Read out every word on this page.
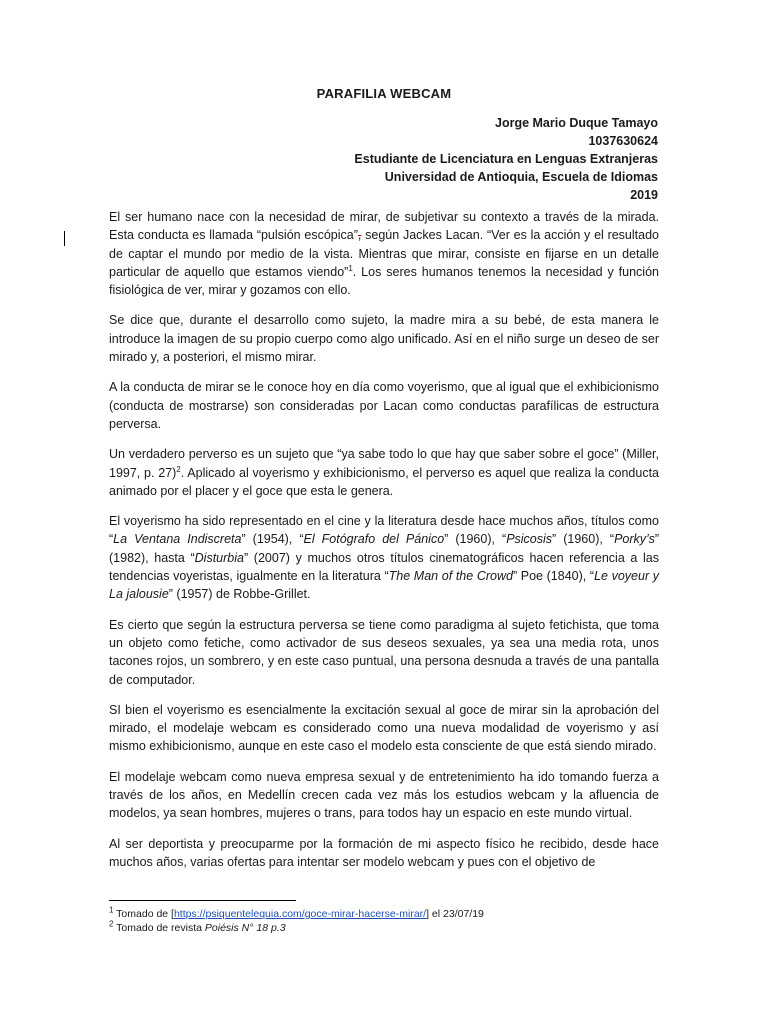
PARAFILIA WEBCAM
Jorge Mario Duque Tamayo
1037630624
Estudiante de Licenciatura en Lenguas Extranjeras
Universidad de Antioquia, Escuela de Idiomas
2019

El ser humano nace con la necesidad de mirar, de subjetivar su contexto a través de la mirada. Esta conducta es llamada “pulsión escópica”, según Jackes Lacan. “Ver es la acción y el resultado de captar el mundo por medio de la vista. Mientras que mirar, consiste en fijarse en un detalle particular de aquello que estamos viendo”$^1$. Los seres humanos tenemos la necesidad y función fisiológica de ver, mirar y gozamos con ello.

Se dice que, durante el desarrollo como sujeto, la madre mira a su bebé, de esta manera le introduce la imagen de su propio cuerpo como algo unificado. Así en el niño surge un deseo de ser mirado y, a posteriori, el mismo mirar.

A la conducta de mirar se le conoce hoy en día como voyerismo, que al igual que el exhibicionismo (conducta de mostrarse) son consideradas por Lacan como conductas parafílicas de estructura perversa.

Un verdadero perverso es un sujeto que “ya sabe todo lo que hay que saber sobre el goce” (Miller, 1997, p. 27)$^2$. Aplicado al voyerismo y exhibicionismo, el perverso es aquel que realiza la conducta animado por el placer y el goce que esta le genera.

El voyerismo ha sido representado en el cine y la literatura desde hace muchos años, títulos como “La Ventana Indiscreta” (1954), “El Fotógrafo del Pánico” (1960), “Psicosis” (1960), “Porky’s” (1982), hasta “Disturbia” (2007) y muchos otros títulos cinematográficos hacen referencia a las tendencias voyeristas, igualmente en la literatura “The Man of the Crowd” Poe (1840), “Le voyeur y La jalousie” (1957) de Robbe-Grillet.

Es cierto que según la estructura perversa se tiene como paradigma al sujeto fetichista, que toma un objeto como fetiche, como activador de sus deseos sexuales, ya sea una media rota, unos tacones rojos, un sombrero, y en este caso puntual, una persona desnuda a través de una pantalla de computador.

SI bien el voyerismo es esencialmente la excitación sexual al goce de mirar sin la aprobación del mirado, el modelaje webcam es considerado como una nueva modalidad de voyerismo y así mismo exhibicionismo, aunque en este caso el modelo esta consciente de que está siendo mirado.

El modelaje webcam como nueva empresa sexual y de entretenimiento ha ido tomando fuerza a través de los años, en Medellín crecen cada vez más los estudios webcam y la afluencia de modelos, ya sean hombres, mujeres o trans, para todos hay un espacio en este mundo virtual.

Al ser deportista y preocuparme por la formación de mi aspecto físico he recibido, desde hace muchos años, varias ofertas para intentar ser modelo webcam y pues con el objetivo de

$^1$ Tomado de [https://psiquentelequia.com/goce-mirar-hacerse-mirar/] el 23/07/19
$^2$ Tomado de revista Poiésis N° 18 p.3
